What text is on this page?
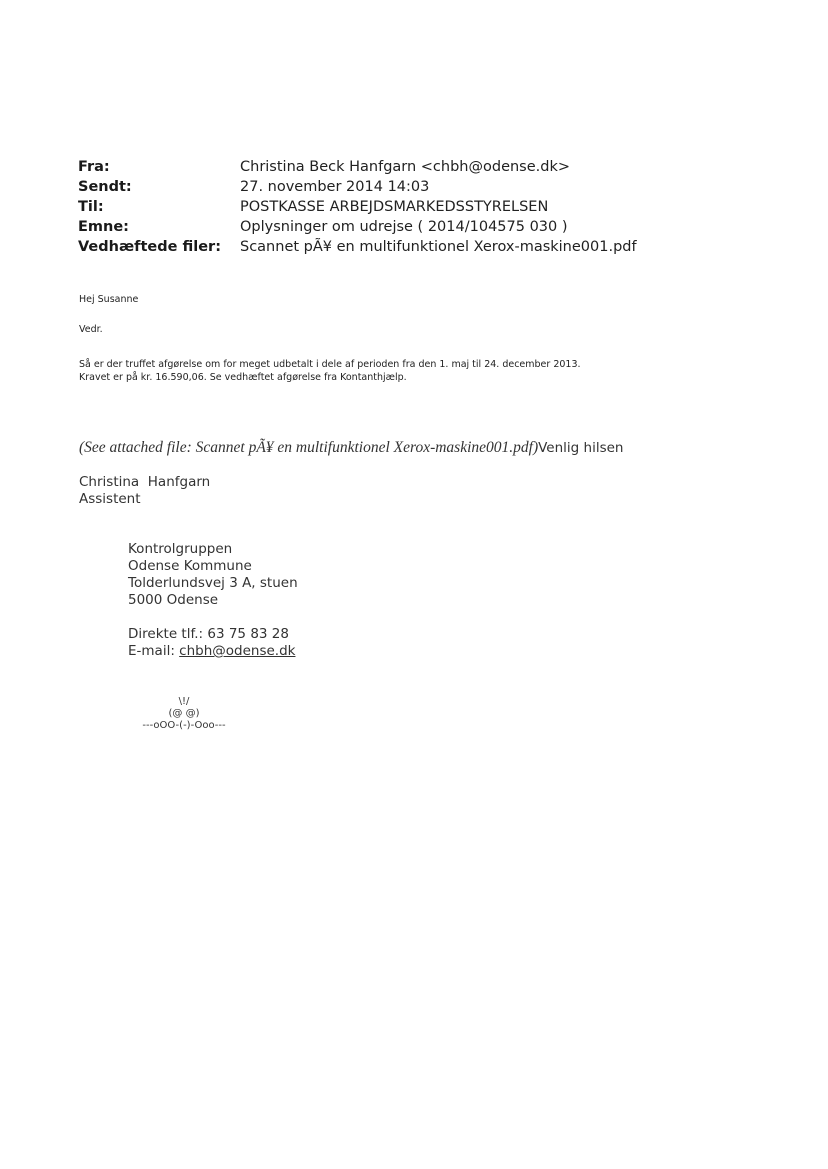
Fra:	Christina Beck Hanfgarn <chbh@odense.dk>
Sendt:	27. november 2014 14:03
Til:	POSTKASSE ARBEJDSMARKEDSSTYRELSEN
Emne:	Oplysninger om udrejse ( 2014/104575 030 )
Vedhæftede filer:	Scannet pÃ¥ en multifunktionel Xerox-maskine001.pdf
Hej Susanne
Vedr.
Så er der truffet afgørelse om for meget udbetalt i dele af perioden fra den 1. maj til 24. december 2013.
Kravet er på kr. 16.590,06. Se vedhæftet afgørelse fra Kontanthjælp.
(See attached file: Scannet pÃ¥ en multifunktionel Xerox-maskine001.pdf)Venlig hilsen
Christina  Hanfgarn
Assistent
Kontrolgruppen
Odense Kommune
Tolderlundsvej 3 A, stuen
5000 Odense
Direkte tlf.: 63 75 83 28
E-mail: chbh@odense.dk
\!/
(@ @)
---oOO-(-)-Ooo---
